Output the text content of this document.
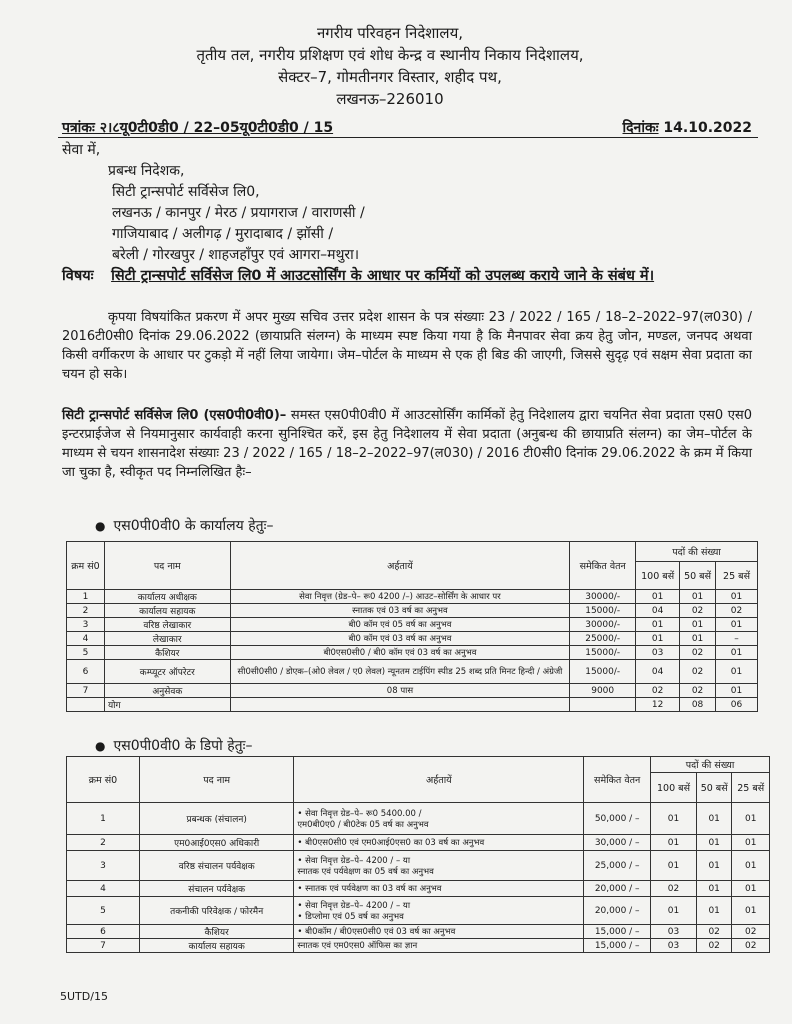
नगरीय परिवहन निदेशालय,
तृतीय तल, नगरीय प्रशिक्षण एवं शोध केन्द्र व स्थानीय निकाय निदेशालय,
सेक्टर–7, गोमतीनगर विस्तार, शहीद पथ,
लखनऊ–226010
पत्रांकः २।८यू0टी0डी0 / 22–05यू0टी0डी0 / 15	दिनांकः 14.10.2022
सेवा में,
प्रबन्ध निदेशक,
सिटी ट्रान्सपोर्ट सर्विसेज लि0,
लखनऊ / कानपुर / मेरठ / प्रयागराज / वाराणसी /
गाजियाबाद / अलीगढ़ / मुरादाबाद / झॉसी /
बरेली / गोरखपुर / शाहजहाँपुर एवं आगरा–मथुरा।
विषयः सिटी ट्रान्सपोर्ट सर्विसेज लि0 में आउटसोर्सिंग के आधार पर कर्मियों को उपलब्ध कराये जाने के संबंध में।
कृपया विषयांकित प्रकरण में अपर मुख्य सचिव उत्तर प्रदेश शासन के पत्र संख्याः 23 / 2022 / 165 / 18–2–2022–97(ल030) / 2016टी0सी0 दिनांक 29.06.2022 (छायाप्रति संलग्न) के माध्यम स्पष्ट किया गया है कि मैनपावर सेवा क्रय हेतु जोन, मण्डल, जनपद अथवा किसी वर्गीकरण के आधार पर टुकड़ो में नहीं लिया जायेगा। जेम–पोर्टल के माध्यम से एक ही बिड की जाएगी, जिससे सुदृढ़ एवं सक्षम सेवा प्रदाता का चयन हो सके।
सिटी ट्रान्सपोर्ट सर्विसेज लि0 (एस0पी0वी0)– समस्त एस0पी0वी0 में आउटसोर्सिंग कार्मिकों हेतु निदेशालय द्वारा चयनित सेवा प्रदाता एस0 एस0 इन्टरप्राईजेज से नियमानुसार कार्यवाही करना सुनिश्चित करें, इस हेतु निदेशालय में सेवा प्रदाता (अनुबन्ध की छायाप्रति संलग्न) का जेम–पोर्टल के माध्यम से चयन शासनादेश संख्याः 23 / 2022 / 165 / 18–2–2022–97(ल030) / 2016 टी0सी0 दिनांक 29.06.2022 के क्रम में किया जा चुका है, स्वीकृत पद निम्नलिखित हैः–
● एस0पी0वी0 के कार्यालय हेतुः–
क्रम सं0	पद नाम	अर्हतायें	समेकित वेतन	पदों की संख्या		
				100 बसें	50 बसें	25 बसें
1	कार्यालय अधीक्षक	सेवा निवृत्त (ग्रेड–पे– रू0 4200 /–) आउट–सोर्सिंग के आधार पर	30000/-	01	01	01
2	कार्यालय सहायक	स्नातक एवं 03 वर्ष का अनुभव	15000/-	04	02	02
3	वरिष्ठ लेखाकार	बी0 कॉम एवं 05 वर्ष का अनुभव	30000/-	01	01	01
4	लेखाकार	बी0 कॉम एवं 03 वर्ष का अनुभव	25000/-	01	01	–
5	कैशियर	बी0एस0सी0 / बी0 कॉम एवं 03 वर्ष का अनुभव	15000/-	03	02	01
6	कम्प्यूटर ऑपरेटर	सी0सी0सी0 / डोएक–(ओ0 लेवल / ए0 लेवल) न्यूनतम टाईपिंग स्पीड 25 शब्द प्रति मिनट हिन्दी / अंग्रेजी	15000/-	04	02	01
7	अनुसेवक	08 पास	9000	02	02	01
	योग			12	08	06
● एस0पी0वी0 के डिपो हेतुः–
क्रम सं0	पद नाम	अर्हतायें	समेकित वेतन	पदों की संख्या		
				100 बसें	50 बसें	25 बसें
1	प्रबन्धक (संचालन)	• सेवा निवृत्त ग्रेड–पे– रू0 5400.00 /
एम0बी0ए0 / बी0टेक 05 वर्ष का अनुभव	50,000 / –	01	01	01
2	एम0आई0एस0 अधिकारी	• बी0एस0सी0 एवं एम0आई0एस0 का 03 वर्ष का अनुभव	30,000 / –	01	01	01
3	वरिष्ठ संचालन पर्यवेक्षक	• सेवा निवृत्त ग्रेड–पे– 4200 / – या
स्नातक एवं पर्यवेक्षण का 05 वर्ष का अनुभव	25,000 / –	01	01	01
4	संचालन पर्यवेक्षक	• स्नातक एवं पर्यवेक्षण का 03 वर्ष का अनुभव	20,000 / –	02	01	01
5	तकनीकी परिवेक्षक / फोरमैन	• सेवा निवृत्त ग्रेड–पे– 4200 / – या
• डिप्लोमा एवं 05 वर्ष का अनुभव	20,000 / –	01	01	01
6	कैशियर	• बी0कॉम / बी0एस0सी0 एवं 03 वर्ष का अनुभव	15,000 / –	03	02	02
7	कार्यालय सहायक	स्नातक एवं एम0एस0 ऑफिस का ज्ञान	15,000 / –	03	02	02
5UTD/15
